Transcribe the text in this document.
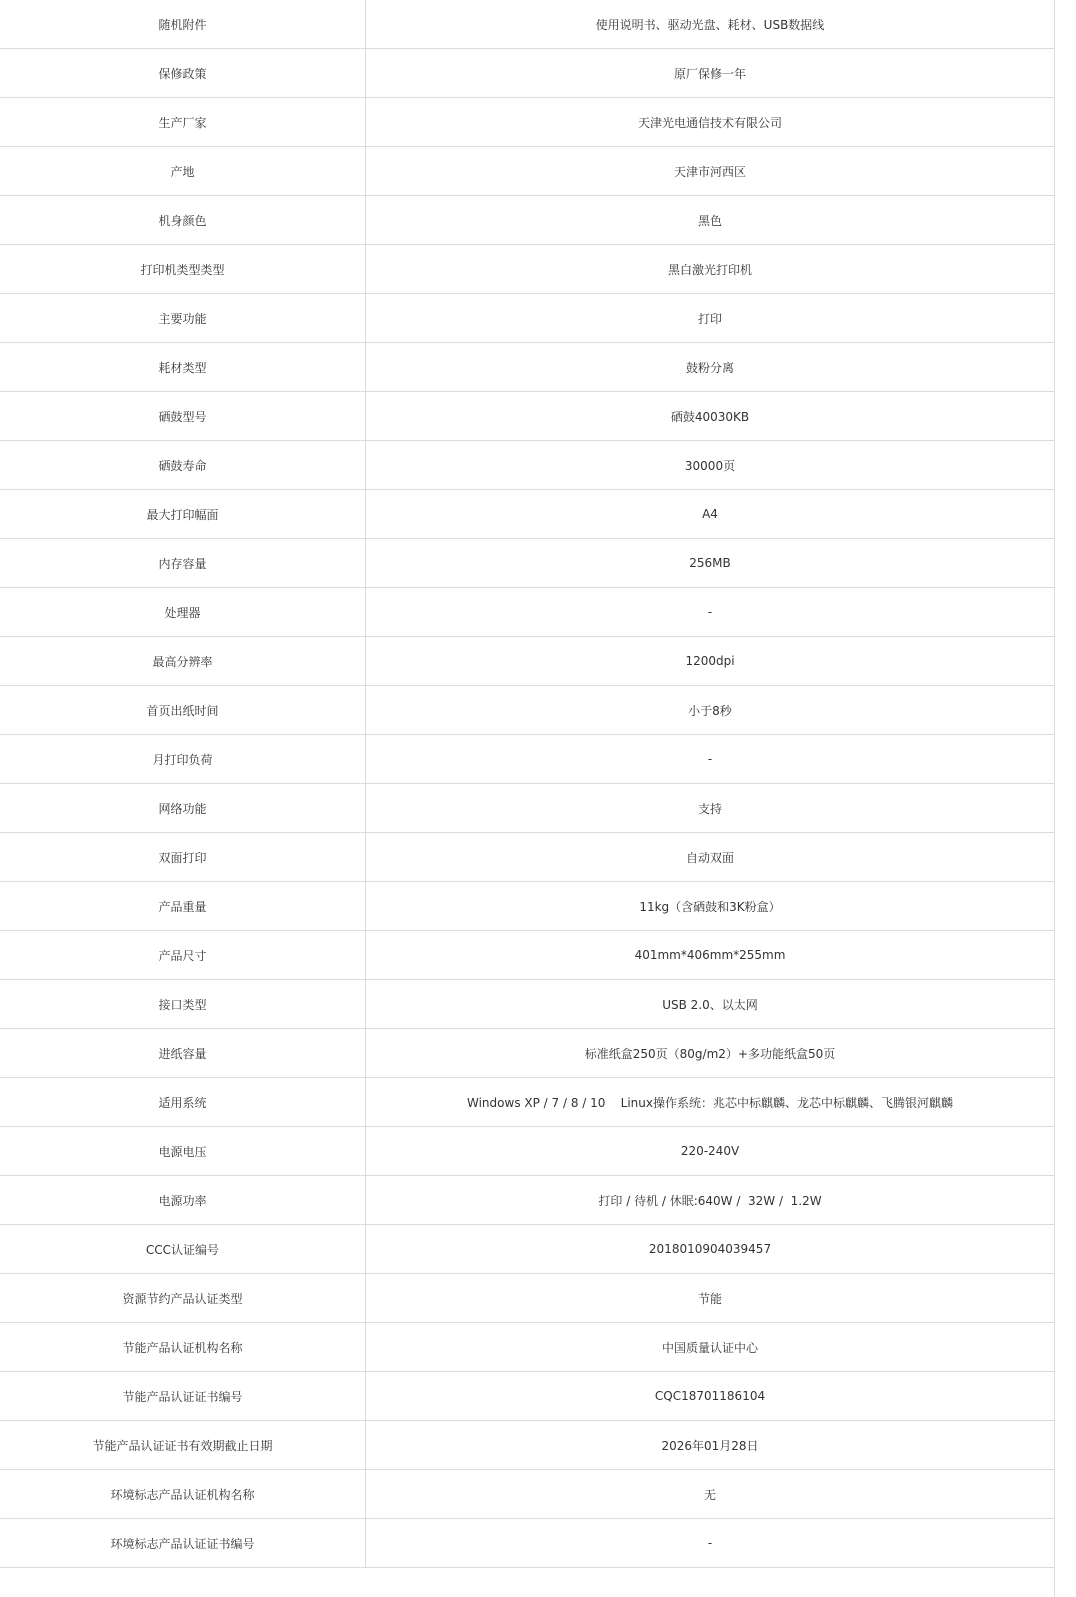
随机附件	使用说明书、驱动光盘、耗材、USB数据线
保修政策	原厂保修一年
生产厂家	天津光电通信技术有限公司
产地	天津市河西区
机身颜色	黑色
打印机类型类型	黑白激光打印机
主要功能	打印
耗材类型	鼓粉分离
硒鼓型号	硒鼓40030KB
硒鼓寿命	30000页
最大打印幅面	A4
内存容量	256MB
处理器	-
最高分辨率	1200dpi
首页出纸时间	小于8秒
月打印负荷	-
网络功能	支持
双面打印	自动双面
产品重量	11kg（含硒鼓和3K粉盒）
产品尺寸	401mm*406mm*255mm
接口类型	USB 2.0、以太网
进纸容量	标准纸盒250页（80g/m2）+多功能纸盒50页
适用系统	Windows XP / 7 / 8 / 10    Linux操作系统：兆芯中标麒麟、龙芯中标麒麟、飞腾银河麒麟
电源电压	220-240V
电源功率	打印 / 待机 / 休眠:640W /  32W /  1.2W
CCC认证编号	2018010904039457
资源节约产品认证类型	节能
节能产品认证机构名称	中国质量认证中心
节能产品认证证书编号	CQC18701186104
节能产品认证证书有效期截止日期	2026年01月28日
环境标志产品认证机构名称	无
环境标志产品认证证书编号	-
